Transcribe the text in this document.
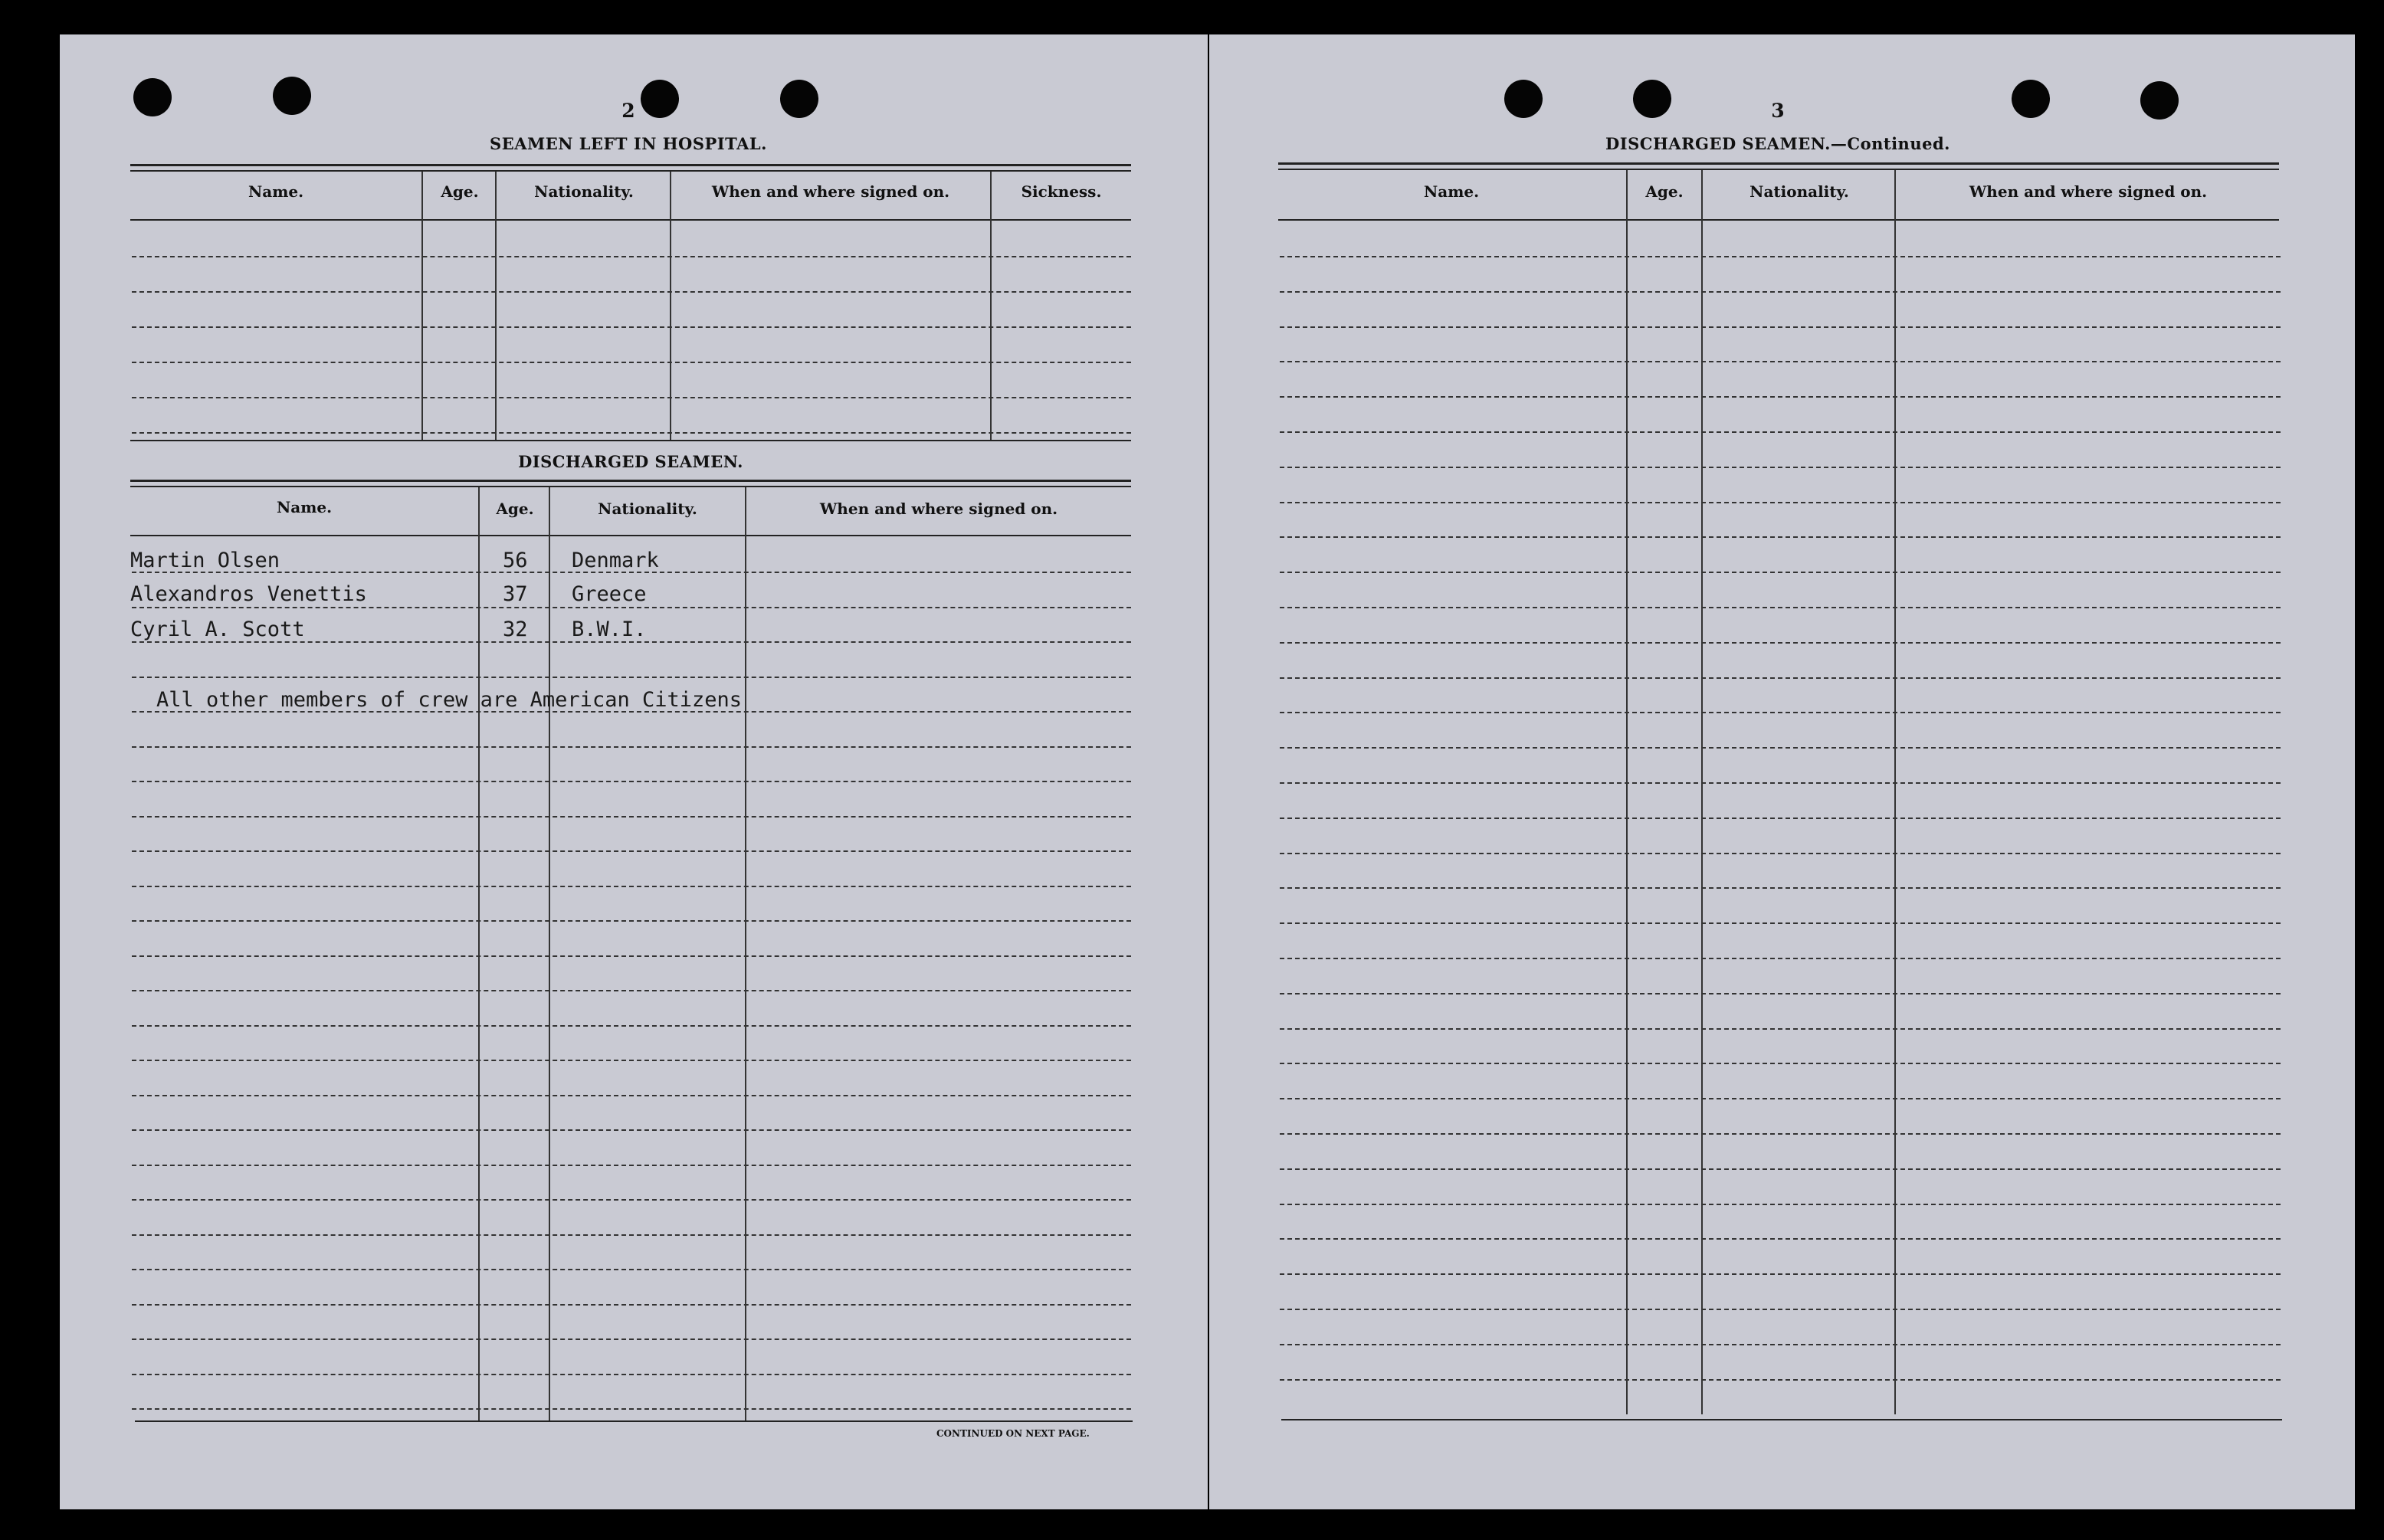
2
SEAMEN LEFT IN HOSPITAL.
Name.	Age.	Nationality.	When and where signed on.	Sickness.
DISCHARGED SEAMEN.
Name.	Age.	Nationality.	When and where signed on.
Martin Olsen	56 Denmark
Alexandros Venettis	37 Greece
Cyril A. Scott	32 B.W.I.
All other members of crew are American Citizens
CONTINUED ON NEXT PAGE.
3
DISCHARGED SEAMEN.—Continued.
Name.	Age.	Nationality.	When and where signed on.
